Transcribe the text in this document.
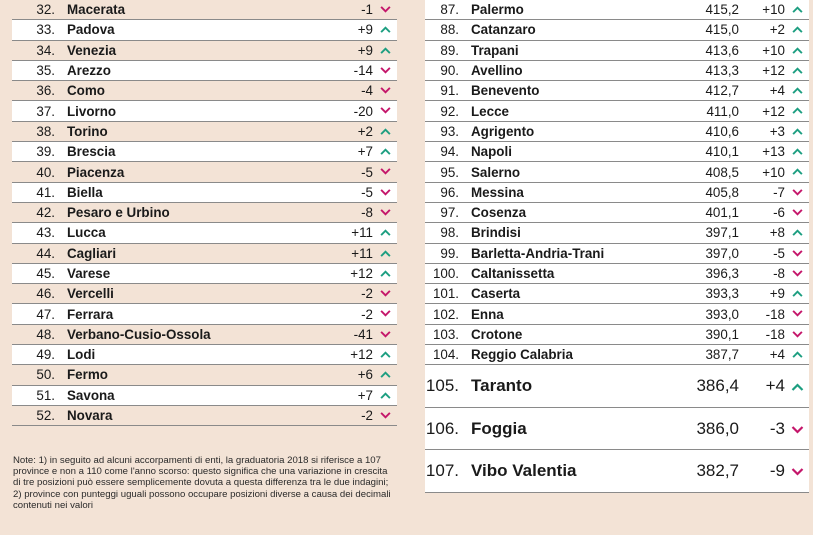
32. Macerata	-1
33. Padova	+9
34. Venezia	+9
35. Arezzo	-14
36. Como	-4
37. Livorno	-20
38. Torino	+2
39. Brescia	+7
40. Piacenza	-5
41. Biella	-5
42. Pesaro e Urbino	-8
43. Lucca	+11
44. Cagliari	+11
45. Varese	+12
46. Vercelli	-2
47. Ferrara	-2
48. Verbano-Cusio-Ossola	-41
49. Lodi	+12
50. Fermo	+6
51. Savona	+7
52. Novara	-2
87. Palermo	415,2	+10
88. Catanzaro	415,0	+2
89. Trapani	413,6	+10
90. Avellino	413,3	+12
91. Benevento	412,7	+4
92. Lecce	411,0	+12
93. Agrigento	410,6	+3
94. Napoli	410,1	+13
95. Salerno	408,5	+10
96. Messina	405,8	-7
97. Cosenza	401,1	-6
98. Brindisi	397,1	+8
99. Barletta-Andria-Trani	397,0	-5
100. Caltanissetta	396,3	-8
101. Caserta	393,3	+9
102. Enna	393,0	-18
103. Crotone	390,1	-18
104. Reggio Calabria	387,7	+4
105. Taranto	386,4	+4
106. Foggia	386,0	-3
107. Vibo Valentia	382,7	-9
Note: 1) in seguito ad alcuni accorpamenti di enti, la graduatoria 2018 si riferisce a 107 province e non a 110 come l'anno scorso: questo significa che una variazione in crescita di tre posizioni può essere semplicemente dovuta a questa differenza tra le due indagini; 2) province con punteggi uguali possono occupare posizioni diverse a causa dei decimali contenuti nei valori
